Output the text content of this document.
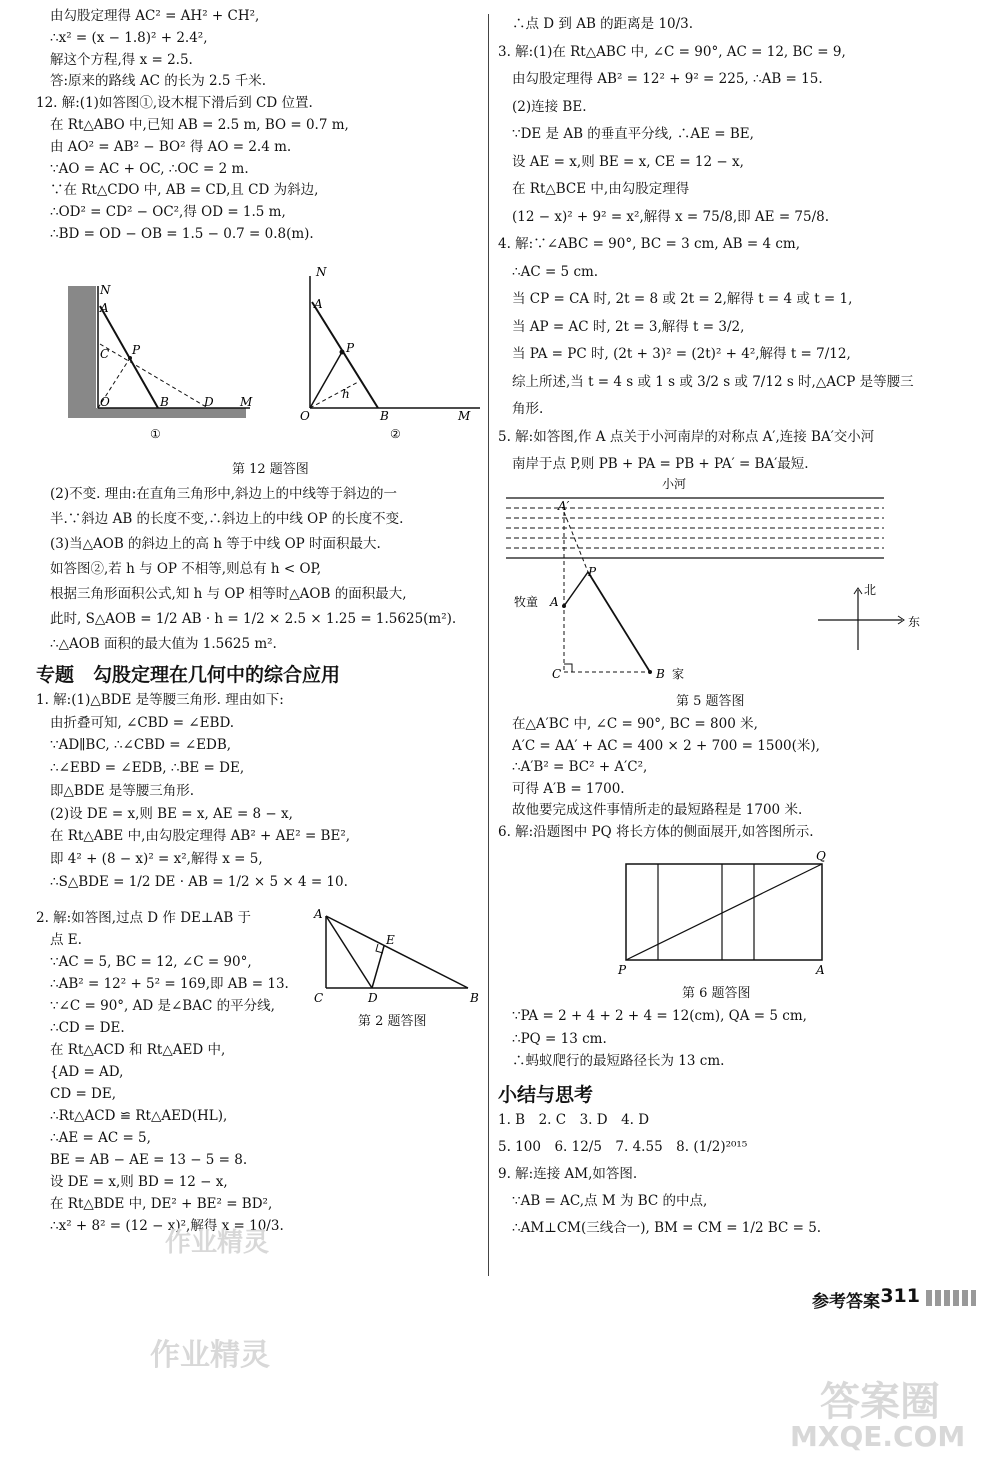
由勾股定理得 AC² = AH² + CH²,
∴x² = (x − 1.8)² + 2.4²,
解这个方程,得 x = 2.5.
答:原来的路线 AC 的长为 2.5 千米.
12. 解:(1)如答图①,设木棍下滑后到 CD 位置.
在 Rt△ABO 中,已知 AB = 2.5 m, BO = 0.7 m,
由 AO² = AB² − BO² 得 AO = 2.4 m.
∵AO = AC + OC, ∴OC = 2 m.
∵在 Rt△CDO 中, AB = CD,且 CD 为斜边,
∴OD² = CD² − OC²,得 OD = 1.5 m,
∴BD = OD − OB = 1.5 − 0.7 = 0.8(m).
N
A
C P
O	B	D M
①
N
A
P
h
O	B	M
②
第 12 题答图
(2)不变. 理由:在直角三角形中,斜边上的中线等于斜边的一
半.∵斜边 AB 的长度不变,∴斜边上的中线 OP 的长度不变.
(3)当△AOB 的斜边上的高 h 等于中线 OP 时面积最大.
如答图②,若 h 与 OP 不相等,则总有 h < OP,
根据三角形面积公式,知 h 与 OP 相等时△AOB 的面积最大,
此时, S△AOB = 1/2 AB · h = 1/2 × 2.5 × 1.25 = 1.5625(m²).
∴△AOB 面积的最大值为 1.5625 m².
专题　勾股定理在几何中的综合应用
1. 解:(1)△BDE 是等腰三角形. 理由如下:
由折叠可知, ∠CBD = ∠EBD.
∵AD∥BC, ∴∠CBD = ∠EDB,
∴∠EBD = ∠EDB, ∴BE = DE,
即△BDE 是等腰三角形.
(2)设 DE = x,则 BE = x, AE = 8 − x,
在 Rt△ABE 中,由勾股定理得 AB² + AE² = BE²,
即 4² + (8 − x)² = x²,解得 x = 5,
∴S△BDE = 1/2 DE · AB = 1/2 × 5 × 4 = 10.
2. 解:如答图,过点 D 作 DE⊥AB 于
点 E.
∵AC = 5, BC = 12, ∠C = 90°,
∴AB² = 12² + 5² = 169,即 AB = 13.
∵∠C = 90°, AD 是∠BAC 的平分线,
∴CD = DE.
在 Rt△ACD 和 Rt△AED 中,
{AD = AD,
CD = DE,
∴Rt△ACD ≌ Rt△AED(HL),
∴AE = AC = 5,
BE = AB − AE = 13 − 5 = 8.
设 DE = x,则 BD = 12 − x,
在 Rt△BDE 中, DE² + BE² = BD²,
∴x² + 8² = (12 − x)²,解得 x = 10/3.
A
E
C	D	B
第 2 题答图
∴点 D 到 AB 的距离是 10/3.
3. 解:(1)在 Rt△ABC 中, ∠C = 90°, AC = 12, BC = 9,
由勾股定理得 AB² = 12² + 9² = 225, ∴AB = 15.
(2)连接 BE.
∵DE 是 AB 的垂直平分线, ∴AE = BE,
设 AE = x,则 BE = x, CE = 12 − x,
在 Rt△BCE 中,由勾股定理得
(12 − x)² + 9² = x²,解得 x = 75/8,即 AE = 75/8.
4. 解:∵∠ABC = 90°, BC = 3 cm, AB = 4 cm,
∴AC = 5 cm.
当 CP = CA 时, 2t = 8 或 2t = 2,解得 t = 4 或 t = 1,
当 AP = AC 时, 2t = 3,解得 t = 3/2,
当 PA = PC 时, (2t + 3)² = (2t)² + 4²,解得 t = 7/12,
综上所述,当 t = 4 s 或 1 s 或 3/2 s 或 7/12 s 时,△ACP 是等腰三
角形.
5. 解:如答图,作 A 点关于小河南岸的对称点 A′,连接 BA′交小河
南岸于点 P,则 PB + PA = PB + PA′ = BA′最短.
小河
A′
P
牧童 A
C	B 家
北
东
第 5 题答图
在△A′BC 中, ∠C = 90°, BC = 800 米,
A′C = AA′ + AC = 400 × 2 + 700 = 1500(米),
∴A′B² = BC² + A′C²,
可得 A′B = 1700.
故他要完成这件事情所走的最短路程是 1700 米.
6. 解:沿题图中 PQ 将长方体的侧面展开,如答图所示.
Q
P	A
第 6 题答图
∵PA = 2 + 4 + 2 + 4 = 12(cm), QA = 5 cm,
∴PQ = 13 cm.
∴蚂蚁爬行的最短路径长为 13 cm.
小结与思考
1. B　2. C　3. D　4. D
5. 100　6. 12/5　7. 4.55　8. (1/2)²⁰¹⁵
9. 解:连接 AM,如答图.
∵AB = AC,点 M 为 BC 的中点,
∴AM⊥CM(三线合一), BM = CM = 1/2 BC = 5.
参考答案 311
作业精灵
作业精灵
答案圈
MXQE.COM
